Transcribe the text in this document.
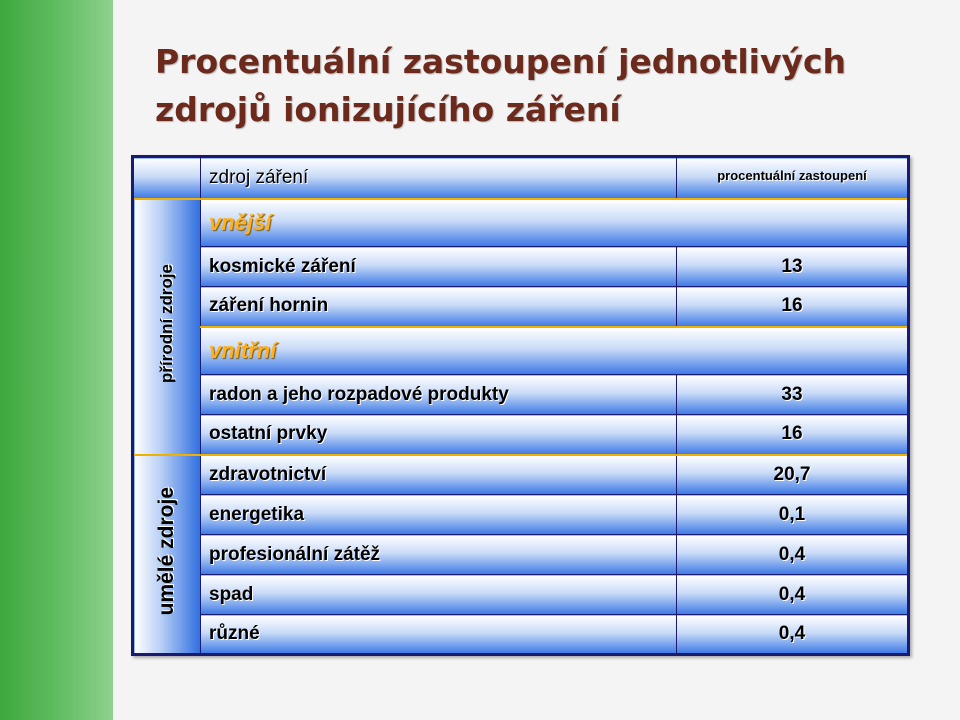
Procentuální zastoupení jednotlivých zdrojů ionizujícího záření
	zdroj záření	procentuální zastoupení
přírodní zdroje	vnější	
	kosmické záření	13
	záření hornin	16
	vnitřní	
	radon a jeho rozpadové produkty	33
	ostatní prvky	16
umělé zdroje	zdravotnictví	20,7
	energetika	0,1
	profesionální zátěž	0,4
	spad	0,4
	různé	0,4
